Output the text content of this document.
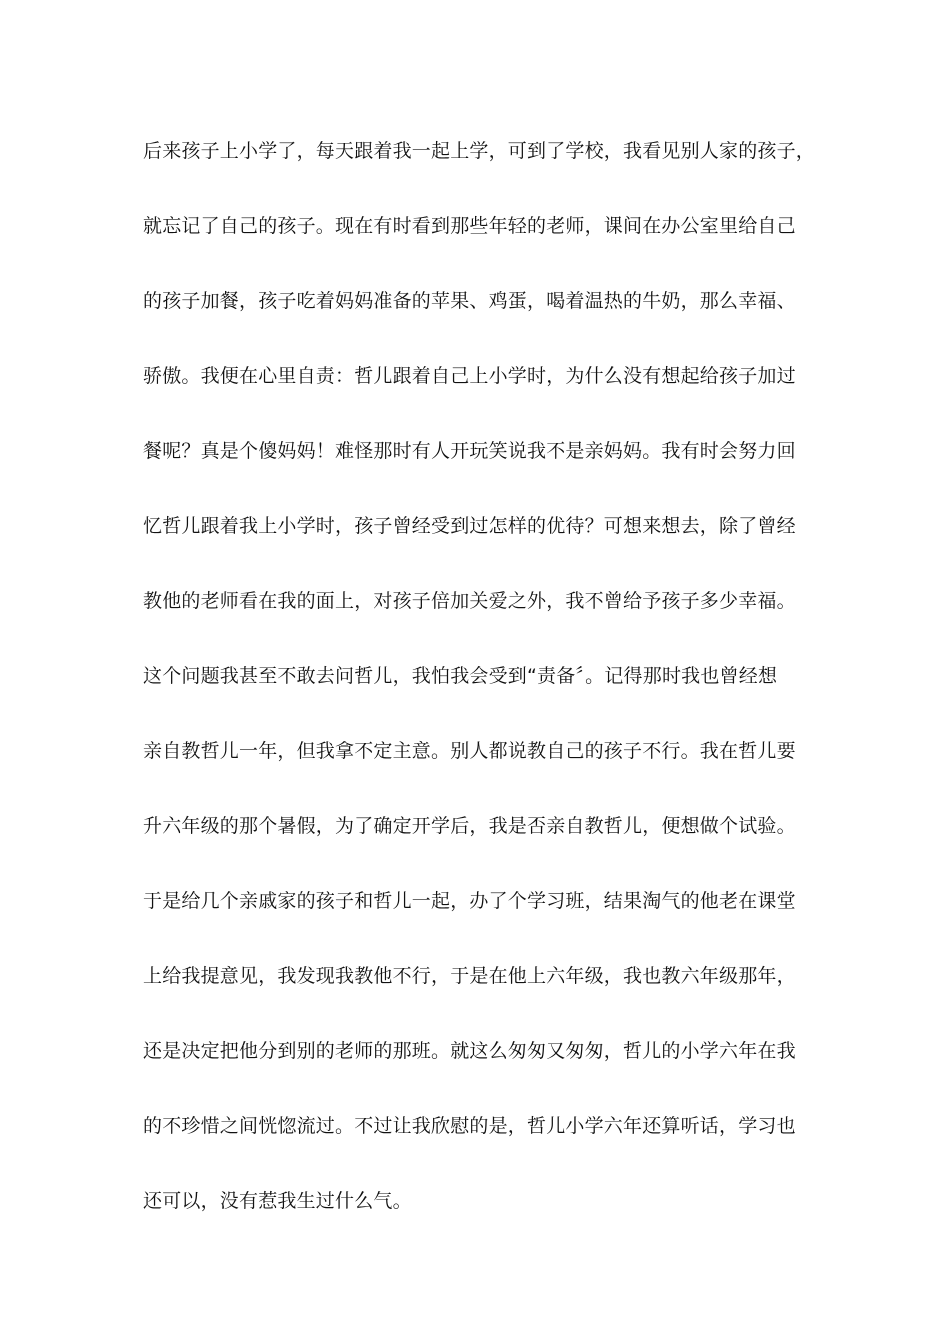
后来孩子上小学了，每天跟着我一起上学，可到了学校，我看见别人家的孩子，
就忘记了自己的孩子。现在有时看到那些年轻的老师，课间在办公室里给自己
的孩子加餐，孩子吃着妈妈准备的苹果、鸡蛋，喝着温热的牛奶，那么幸福、
骄傲。我便在心里自责：哲儿跟着自己上小学时，为什么没有想起给孩子加过
餐呢？真是个傻妈妈！难怪那时有人开玩笑说我不是亲妈妈。我有时会努力回
忆哲儿跟着我上小学时，孩子曾经受到过怎样的优待？可想来想去，除了曾经
教他的老师看在我的面上，对孩子倍加关爱之外，我不曾给予孩子多少幸福。
这个问题我甚至不敢去问哲儿，我怕我会受到“责备〞。记得那时我也曾经想
亲自教哲儿一年，但我拿不定主意。别人都说教自己的孩子不行。我在哲儿要
升六年级的那个暑假，为了确定开学后，我是否亲自教哲儿，便想做个试验。
于是给几个亲戚家的孩子和哲儿一起，办了个学习班，结果淘气的他老在课堂
上给我提意见，我发现我教他不行，于是在他上六年级，我也教六年级那年，
还是决定把他分到别的老师的那班。就这么匆匆又匆匆，哲儿的小学六年在我
的不珍惜之间恍惚流过。不过让我欣慰的是，哲儿小学六年还算听话，学习也
还可以，没有惹我生过什么气。
